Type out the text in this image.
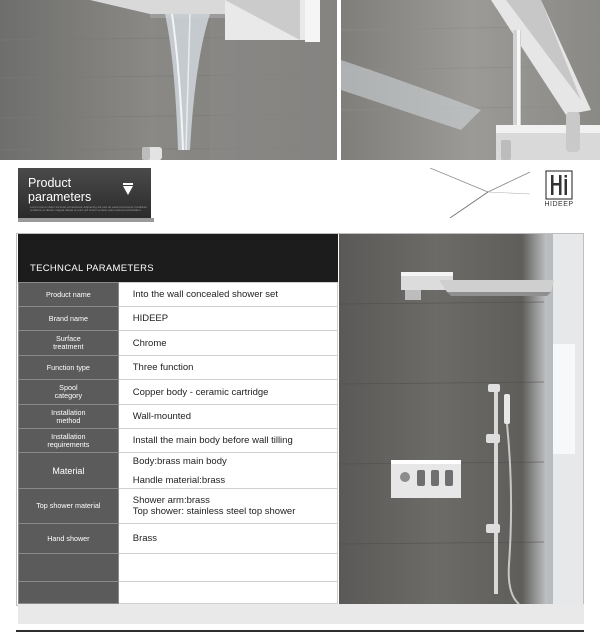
Product
parameters
Lorem ipsum dolor sit amet consectetur adipiscing elit sed do eiusmod tempor incididunt ut labore et dolore magna aliqua ut enim ad minim veniam quis nostrud exercitation
HIDEEP
TECHNCAL PARAMETERS
Product name	Into the wall concealed shower set
Brand name	HIDEEP
Surface
treatment	Chrome
Function type	Three function
Spool
category	Copper body - ceramic cartridge
Installation
method	Wall-mounted
Installation
requirements	Install the main body before wall tilling
Material	Body:brass main body
Handle material:brass

Top shower material	Shower arm:brass
Top shower: stainless steel top shower

Hand shower	Brass
